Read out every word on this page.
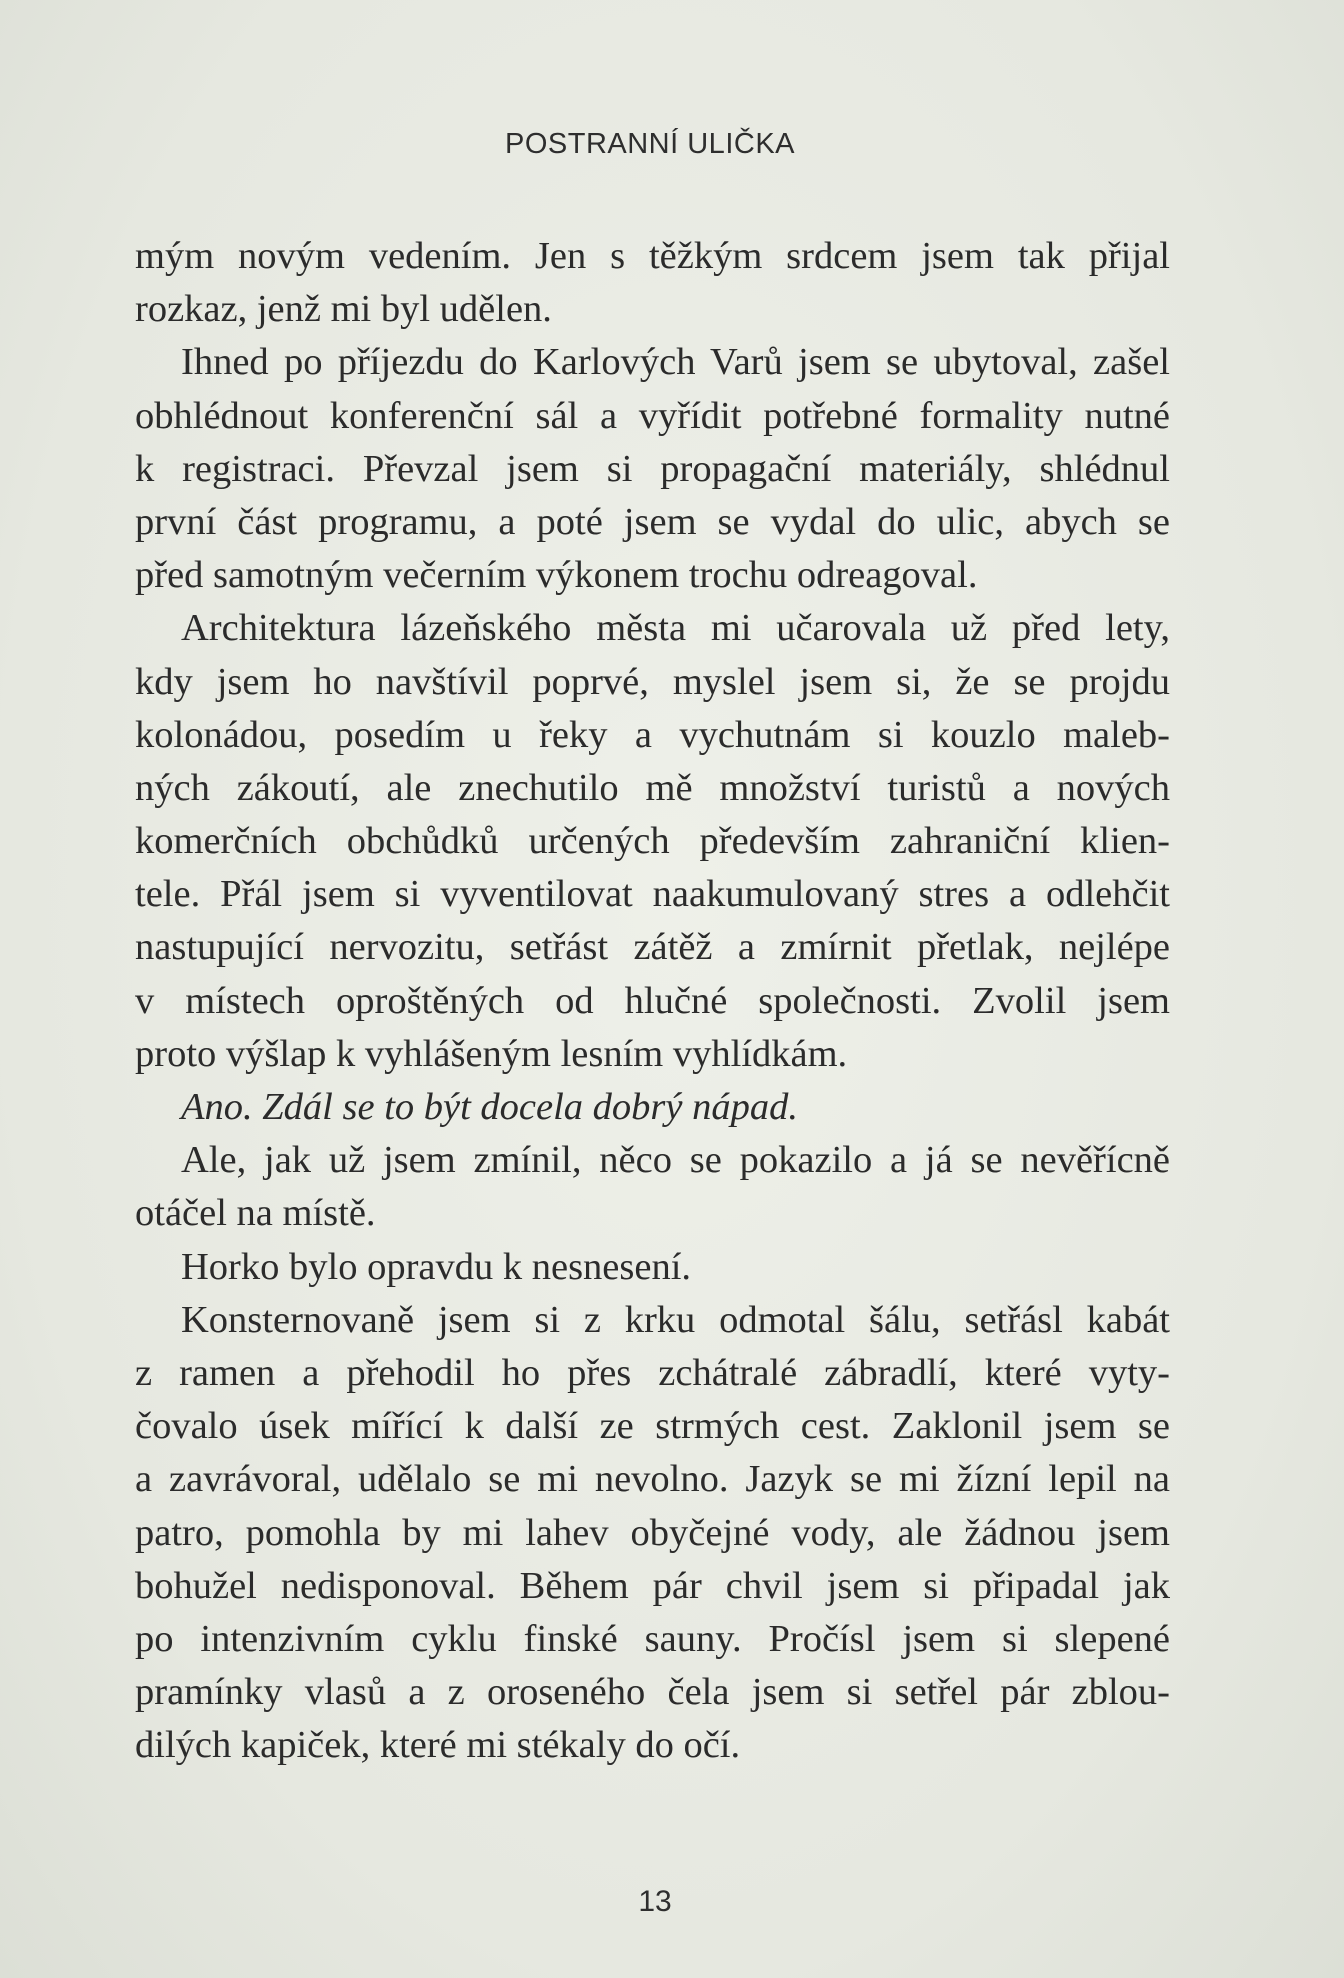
POSTRANNÍ ULIČKA
mým novým vedením. Jen s těžkým srdcem jsem tak přijal
rozkaz, jenž mi byl udělen.
Ihned po příjezdu do Karlových Varů jsem se ubytoval, zašel
obhlédnout konferenční sál a vyřídit potřebné formality nutné
k registraci. Převzal jsem si propagační materiály, shlédnul
první část programu, a poté jsem se vydal do ulic, abych se
před samotným večerním výkonem trochu odreagoval.
Architektura lázeňského města mi učarovala už před lety,
kdy jsem ho navštívil poprvé, myslel jsem si, že se projdu
kolonádou, posedím u řeky a vychutnám si kouzlo maleb-
ných zákoutí, ale znechutilo mě množství turistů a nových
komerčních obchůdků určených především zahraniční klien-
tele. Přál jsem si vyventilovat naakumulovaný stres a odlehčit
nastupující nervozitu, setřást zátěž a zmírnit přetlak, nejlépe
v místech oproštěných od hlučné společnosti. Zvolil jsem
proto výšlap k vyhlášeným lesním vyhlídkám.
Ano. Zdál se to být docela dobrý nápad.
Ale, jak už jsem zmínil, něco se pokazilo a já se nevěřícně
otáčel na místě.
Horko bylo opravdu k nesnesení.
Konsternovaně jsem si z krku odmotal šálu, setřásl kabát
z ramen a přehodil ho přes zchátralé zábradlí, které vyty-
čovalo úsek mířící k další ze strmých cest. Zaklonil jsem se
a zavrávoral, udělalo se mi nevolno. Jazyk se mi žízní lepil na
patro, pomohla by mi lahev obyčejné vody, ale žádnou jsem
bohužel nedisponoval. Během pár chvil jsem si připadal jak
po intenzivním cyklu finské sauny. Pročísl jsem si slepené
pramínky vlasů a z oroseného čela jsem si setřel pár zblou-
dilých kapiček, které mi stékaly do očí.
13
